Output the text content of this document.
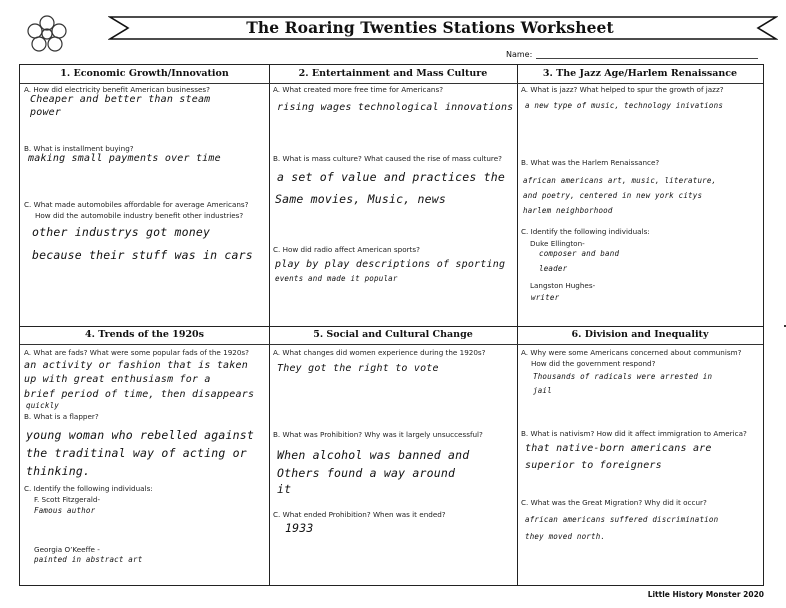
The Roaring Twenties Stations Worksheet
Name:
1. Economic Growth/Innovation
A. How did electricity benefit American businesses?
Cheaper and better than steam
power
B. What is installment buying?
making small payments over time
C. What made automobiles affordable for average Americans?
How did the automobile industry benefit other industries?
other industrys got money
because their stuff was in cars
2. Entertainment and Mass Culture
A. What created more free time for Americans?
rising wages technological innovations
B. What is mass culture? What caused the rise of mass culture?
a set of value and practices the
Same movies, Music, news
C. How did radio affect American sports?
play by play descriptions of sporting
events and made it popular
3. The Jazz Age/Harlem Renaissance
A. What is jazz? What helped to spur the growth of jazz?
a new type of music, technology inivations
B. What was the Harlem Renaissance?
african americans art, music, literature,
and poetry, centered in new york citys
harlem neighborhood
C. Identify the following individuals:
Duke Ellington-
composer and band
leader
Langston Hughes-
writer
4. Trends of the 1920s
A. What are fads? What were some popular fads of the 1920s?
an activity or fashion that is taken
up with great enthusiasm for a
brief period of time, then disappears
quickly
B. What is a flapper?
young woman who rebelled against
the traditinal way of acting or
thinking.
C. Identify the following individuals:
F. Scott Fitzgerald-
Famous author
Georgia O’Keeffe -
painted in abstract art
5. Social and Cultural Change
A. What changes did women experience during the 1920s?
They got the right to vote
B. What was Prohibition? Why was it largely unsuccessful?
When alcohol was banned and
Others found a way around
it
C. What ended Prohibition? When was it ended?
1933
6. Division and Inequality
A. Why were some Americans concerned about communism?
How did the government respond?
Thousands of radicals were arrested in
jail
B. What is nativism? How did it affect immigration to America?
that native-born americans are
superior to foreigners
C. What was the Great Migration? Why did it occur?
african americans suffered discrimination
they moved north.
Little History Monster 2020
